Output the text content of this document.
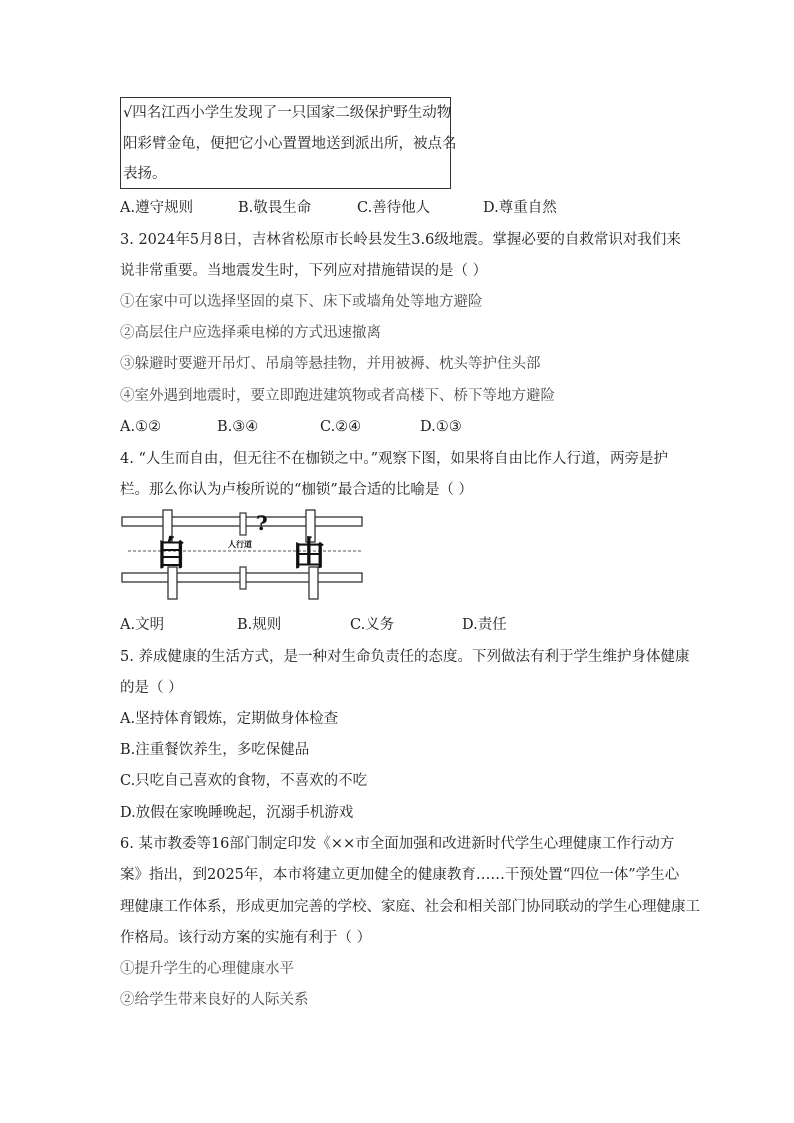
√四名江西小学生发现了一只国家二级保护野生动物
阳彩臂金龟，便把它小心置置地送到派出所，被点名
表扬。
A.遵守规则	B.敬畏生命	C.善待他人	D.尊重自然
3. 2024年5月8日，吉林省松原市长岭县发生3.6级地震。掌握必要的自救常识对我们来
说非常重要。当地震发生时，下列应对措施错误的是（ ）
①在家中可以选择坚固的桌下、床下或墙角处等地方避险
②高层住户应选择乘电梯的方式迅速撤离
③躲避时要避开吊灯、吊扇等悬挂物，并用被褥、枕头等护住头部
④室外遇到地震时，要立即跑进建筑物或者高楼下、桥下等地方避险
A.①②	B.③④	C.②④	D.①③
4. “人生而自由，但无往不在枷锁之中。”观察下图，如果将自由比作人行道，两旁是护
栏。那么你认为卢梭所说的“枷锁”最合适的比喻是（ ）
自	由
人行道
?
A.文明	B.规则	C.义务	D.责任
5. 养成健康的生活方式，是一种对生命负责任的态度。下列做法有利于学生维护身体健康
的是（ ）
A.坚持体育锻炼，定期做身体检查
B.注重餐饮养生，多吃保健品
C.只吃自己喜欢的食物，不喜欢的不吃
D.放假在家晚睡晚起，沉溺手机游戏
6. 某市教委等16部门制定印发《××市全面加强和改进新时代学生心理健康工作行动方
案》指出，到2025年，本市将建立更加健全的健康教育……干预处置“四位一体”学生心
理健康工作体系，形成更加完善的学校、家庭、社会和相关部门协同联动的学生心理健康工
作格局。该行动方案的实施有利于（ ）
①提升学生的心理健康水平
②给学生带来良好的人际关系
